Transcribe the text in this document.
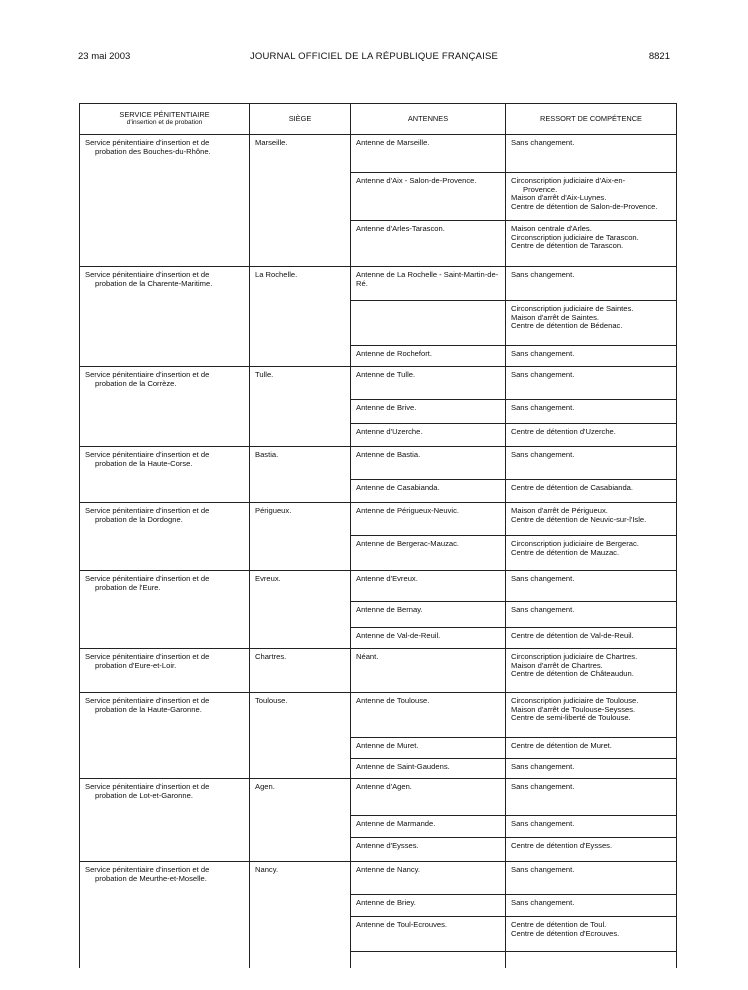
23 mai 2003	JOURNAL OFFICIEL DE LA RÉPUBLIQUE FRANÇAISE	8821
SERVICE PÉNITENTIAIRE
d'insertion et de probation	SIÈGE	ANTENNES	RESSORT DE COMPÉTENCE
Service pénitentiaire d'insertion et de
probation des Bouches-du-Rhône.	Marseille.	Antenne de Marseille.	Sans changement.

		Antenne d'Aix - Salon-de-Provence.	Circonscription judiciaire d'Aix-en-
Provence.
Maison d'arrêt d'Aix-Luynes.
Centre de détention de Salon-de-Provence.

		Antenne d'Arles-Tarascon.	Maison centrale d'Arles.
Circonscription judiciaire de Tarascon.
Centre de détention de Tarascon.

Service pénitentiaire d'insertion et de
probation de la Charente-Maritime.	La Rochelle.	Antenne de La Rochelle - Saint-Martin-de-Ré.	Sans changement.

			Circonscription judiciaire de Saintes.
Maison d'arrêt de Saintes.
Centre de détention de Bédenac.

		Antenne de Rochefort.	Sans changement.

Service pénitentiaire d'insertion et de
probation de la Corrèze.	Tulle.	Antenne de Tulle.	Sans changement.

		Antenne de Brive.	Sans changement.

		Antenne d'Uzerche.	Centre de détention d'Uzerche.

Service pénitentiaire d'insertion et de
probation de la Haute-Corse.	Bastia.	Antenne de Bastia.	Sans changement.

		Antenne de Casabianda.	Centre de détention de Casabianda.

Service pénitentiaire d'insertion et de
probation de la Dordogne.	Périgueux.	Antenne de Périgueux-Neuvic.	Maison d'arrêt de Périgueux.
Centre de détention de Neuvic-sur-l'Isle.

		Antenne de Bergerac-Mauzac.	Circonscription judiciaire de Bergerac.
Centre de détention de Mauzac.

Service pénitentiaire d'insertion et de
probation de l'Eure.	Evreux.	Antenne d'Evreux.	Sans changement.

		Antenne de Bernay.	Sans changement.

		Antenne de Val-de-Reuil.	Centre de détention de Val-de-Reuil.

Service pénitentiaire d'insertion et de
probation d'Eure-et-Loir.	Chartres.	Néant.	Circonscription judiciaire de Chartres.
Maison d'arrêt de Chartres.
Centre de détention de Châteaudun.

Service pénitentiaire d'insertion et de
probation de la Haute-Garonne.	Toulouse.	Antenne de Toulouse.	Circonscription judiciaire de Toulouse.
Maison d'arrêt de Toulouse-Seysses.
Centre de semi-liberté de Toulouse.

		Antenne de Muret.	Centre de détention de Muret.

		Antenne de Saint-Gaudens.	Sans changement.

Service pénitentiaire d'insertion et de
probation de Lot-et-Garonne.	Agen.	Antenne d'Agen.	Sans changement.

		Antenne de Marmande.	Sans changement.

		Antenne d'Eysses.	Centre de détention d'Eysses.

Service pénitentiaire d'insertion et de
probation de Meurthe-et-Moselle.	Nancy.	Antenne de Nancy.	Sans changement.

		Antenne de Briey.	Sans changement.

		Antenne de Toul-Ecrouves.	Centre de détention de Toul.
Centre de détention d'Ecrouves.
